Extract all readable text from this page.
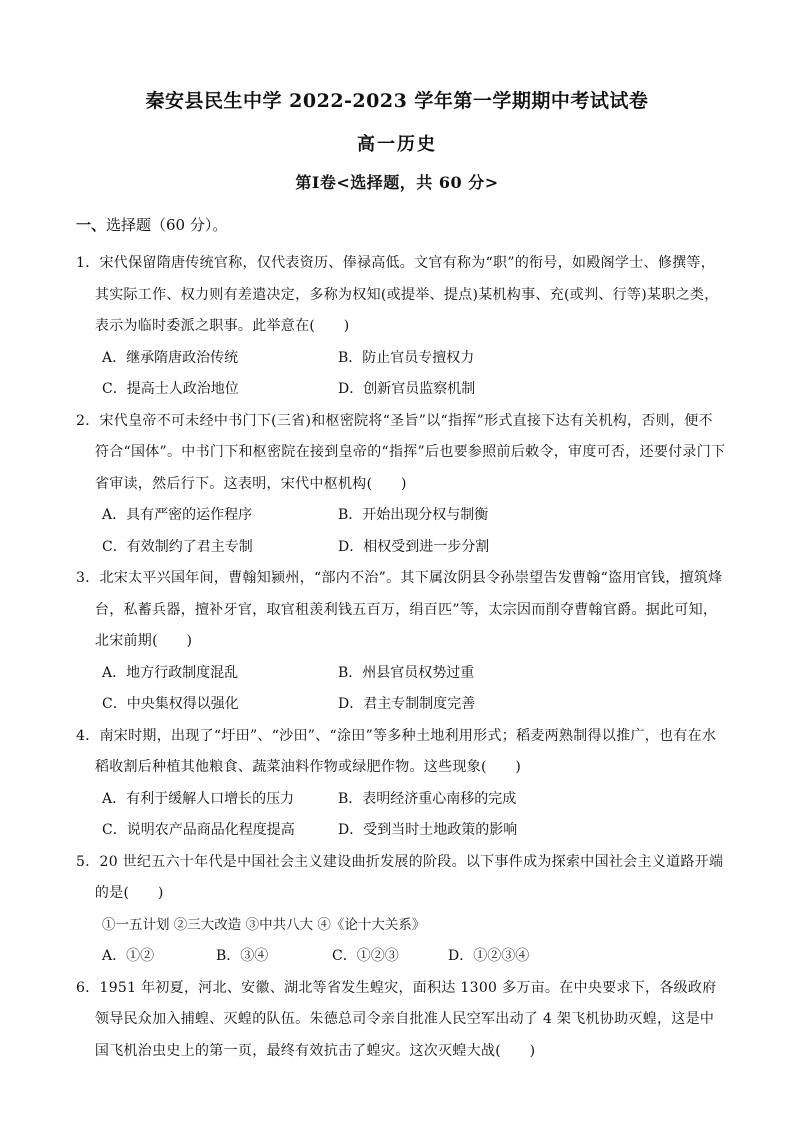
秦安县民生中学 2022-2023 学年第一学期期中考试试卷
高一历史
第Ⅰ卷<选择题，共 60 分>
一、选择题（60 分）。

1．宋代保留隋唐传统官称，仅代表资历、俸禄高低。文官有称为“职”的衔号，如殿阁学士、修撰等，其实际工作、权力则有差遣决定，多称为权知(或提举、提点)某机构事、充(或判、行等)某职之类，表示为临时委派之职事。此举意在(　　)

A．继承隋唐政治传统	B．防止官员专擅权力
C．提高士人政治地位	D．创新官员监察机制

2．宋代皇帝不可未经中书门下(三省)和枢密院将“圣旨”以“指挥”形式直接下达有关机构，否则，便不符合“国体”。中书门下和枢密院在接到皇帝的“指挥”后也要参照前后敕令，审度可否，还要付录门下省审读，然后行下。这表明，宋代中枢机构(　　)

A．具有严密的运作程序	B．开始出现分权与制衡
C．有效制约了君主专制	D．相权受到进一步分割

3．北宋太平兴国年间，曹翰知颍州，“部内不治”。其下属汝阴县令孙崇望告发曹翰“盗用官钱，擅筑烽台，私蓄兵器，擅补牙官，取官租羡利钱五百万，绢百匹”等，太宗因而削夺曹翰官爵。据此可知，北宋前期(　　)

A．地方行政制度混乱	B．州县官员权势过重
C．中央集权得以强化	D．君主专制制度完善

4．南宋时期，出现了“圩田”、“沙田”、“涂田”等多种土地利用形式；稻麦两熟制得以推广，也有在水稻收割后种植其他粮食、蔬菜油料作物或绿肥作物。这些现象(　　)

A．有利于缓解人口增长的压力	B．表明经济重心南移的完成
C．说明农产品商品化程度提高	D．受到当时土地政策的影响

5．20 世纪五六十年代是中国社会主义建设曲折发展的阶段。以下事件成为探索中国社会主义道路开端的是(　　)

①一五计划 ②三大改造 ③中共八大 ④《论十大关系》
A．①②	B．③④	C．①②③	D．①②③④

6．1951 年初夏，河北、安徽、湖北等省发生蝗灾，面积达 1300 多万亩。在中央要求下，各级政府领导民众加入捕蝗、灭蝗的队伍。朱德总司令亲自批准人民空军出动了 4 架飞机协助灭蝗，这是中国飞机治虫史上的第一页，最终有效抗击了蝗灾。这次灭蝗大战(　　)
